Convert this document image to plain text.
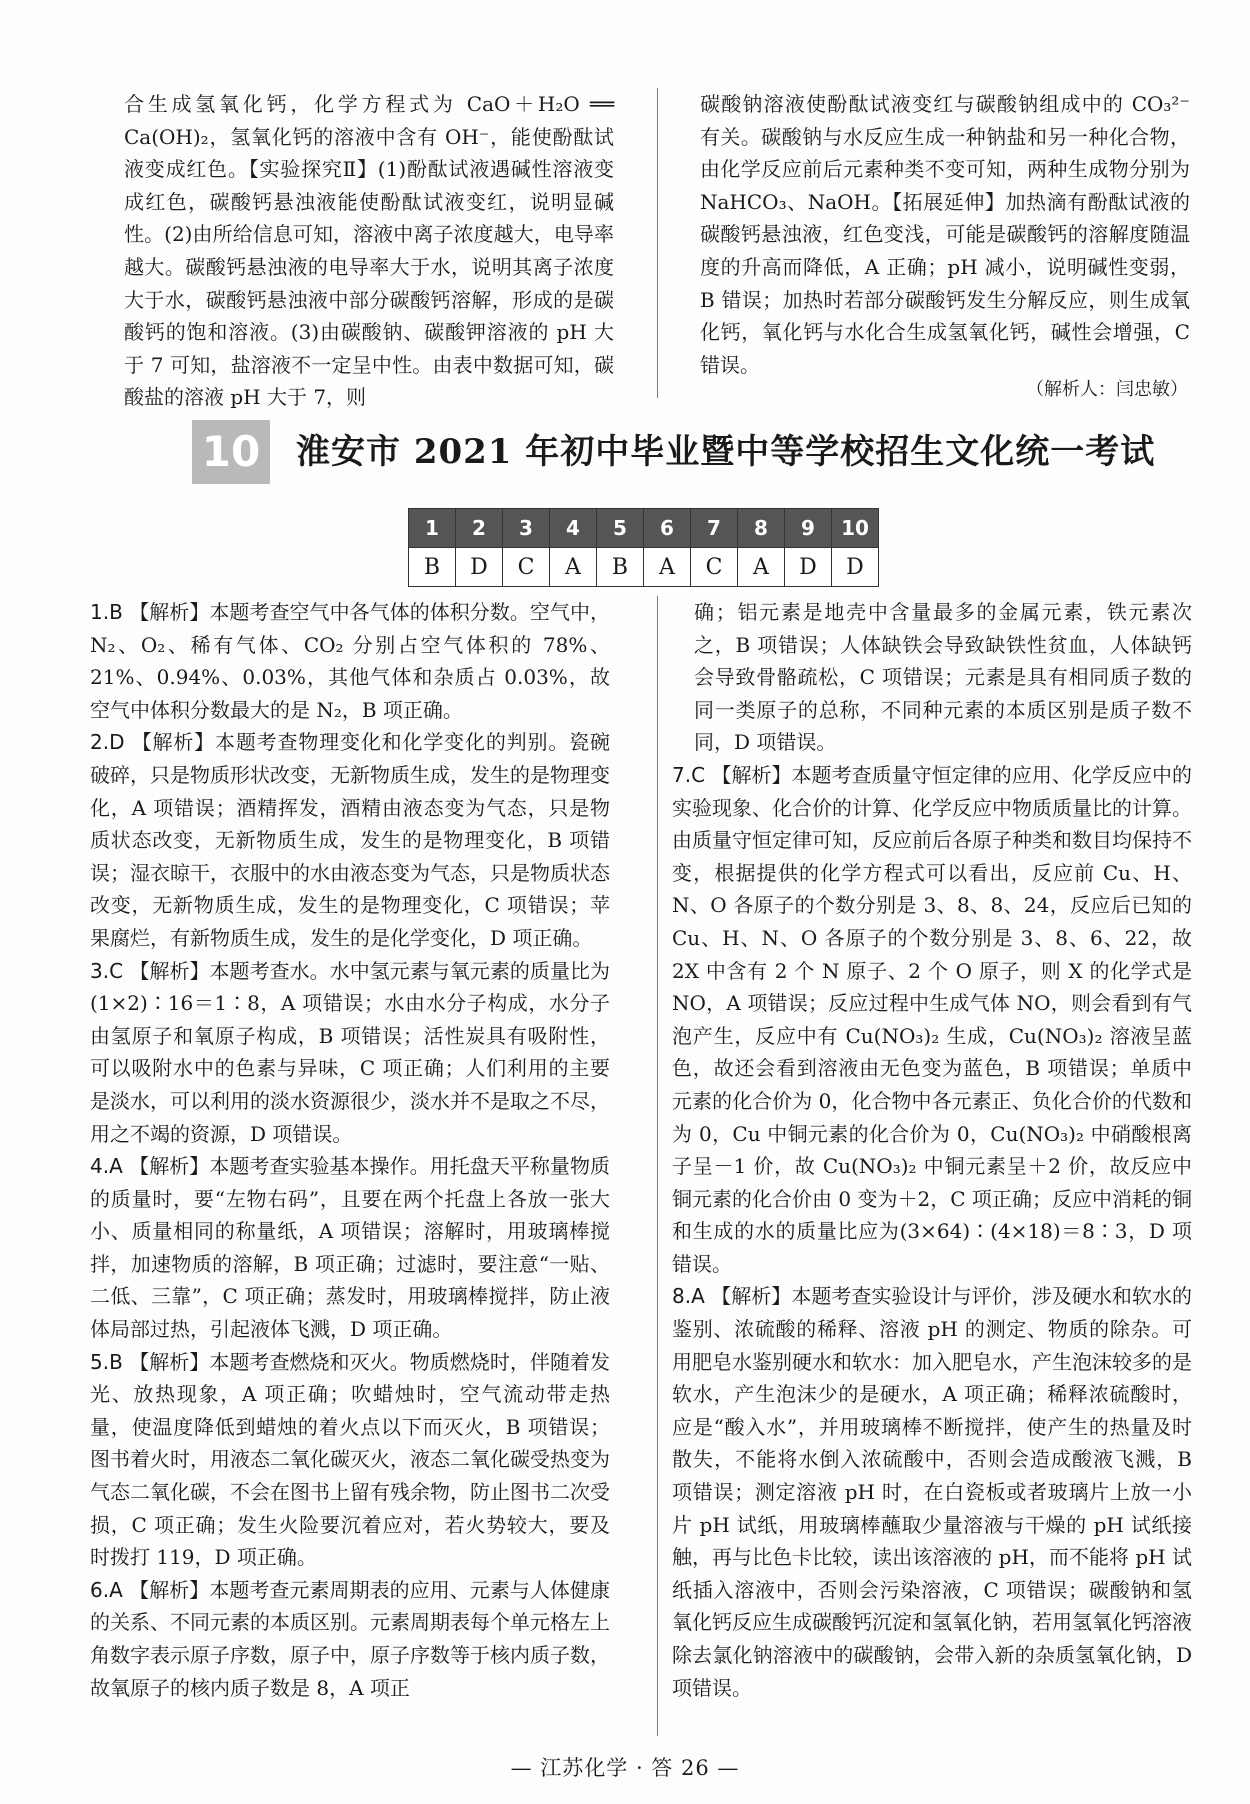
合生成氢氧化钙，化学方程式为 CaO＋H₂O ══ Ca(OH)₂，氢氧化钙的溶液中含有 OH⁻，能使酚酞试液变成红色。【实验探究Ⅱ】(1)酚酞试液遇碱性溶液变成红色，碳酸钙悬浊液能使酚酞试液变红，说明显碱性。(2)由所给信息可知，溶液中离子浓度越大，电导率越大。碳酸钙悬浊液的电导率大于水，说明其离子浓度大于水，碳酸钙悬浊液中部分碳酸钙溶解，形成的是碳酸钙的饱和溶液。(3)由碳酸钠、碳酸钾溶液的 pH 大于 7 可知，盐溶液不一定呈中性。由表中数据可知，碳酸盐的溶液 pH 大于 7，则

碳酸钠溶液使酚酞试液变红与碳酸钠组成中的 CO₃²⁻ 有关。碳酸钠与水反应生成一种钠盐和另一种化合物，由化学反应前后元素种类不变可知，两种生成物分别为 NaHCO₃、NaOH。【拓展延伸】加热滴有酚酞试液的碳酸钙悬浊液，红色变浅，可能是碳酸钙的溶解度随温度的升高而降低，A 正确；pH 减小，说明碱性变弱，B 错误；加热时若部分碳酸钙发生分解反应，则生成氧化钙，氧化钙与水化合生成氢氧化钙，碱性会增强，C 错误。

（解析人：闫忠敏）
10 淮安市 2021 年初中毕业暨中等学校招生文化统一考试
1	2	3	4	5	6	7	8	9	10
B	D	C	A	B	A	C	A	D	D

1.B 【解析】本题考查空气中各气体的体积分数。空气中，N₂、O₂、稀有气体、CO₂ 分别占空气体积的 78%、21%、0.94%、0.03%，其他气体和杂质占 0.03%，故空气中体积分数最大的是 N₂，B 项正确。

2.D 【解析】本题考查物理变化和化学变化的判别。瓷碗破碎，只是物质形状改变，无新物质生成，发生的是物理变化，A 项错误；酒精挥发，酒精由液态变为气态，只是物质状态改变，无新物质生成，发生的是物理变化，B 项错误；湿衣晾干，衣服中的水由液态变为气态，只是物质状态改变，无新物质生成，发生的是物理变化，C 项错误；苹果腐烂，有新物质生成，发生的是化学变化，D 项正确。

3.C 【解析】本题考查水。水中氢元素与氧元素的质量比为(1×2)∶16＝1∶8，A 项错误；水由水分子构成，水分子由氢原子和氧原子构成，B 项错误；活性炭具有吸附性，可以吸附水中的色素与异味，C 项正确；人们利用的主要是淡水，可以利用的淡水资源很少，淡水并不是取之不尽，用之不竭的资源，D 项错误。

4.A 【解析】本题考查实验基本操作。用托盘天平称量物质的质量时，要“左物右码”，且要在两个托盘上各放一张大小、质量相同的称量纸，A 项错误；溶解时，用玻璃棒搅拌，加速物质的溶解，B 项正确；过滤时，要注意“一贴、二低、三靠”，C 项正确；蒸发时，用玻璃棒搅拌，防止液体局部过热，引起液体飞溅，D 项正确。

5.B 【解析】本题考查燃烧和灭火。物质燃烧时，伴随着发光、放热现象，A 项正确；吹蜡烛时，空气流动带走热量，使温度降低到蜡烛的着火点以下而灭火，B 项错误；图书着火时，用液态二氧化碳灭火，液态二氧化碳受热变为气态二氧化碳，不会在图书上留有残余物，防止图书二次受损，C 项正确；发生火险要沉着应对，若火势较大，要及时拨打 119，D 项正确。

6.A 【解析】本题考查元素周期表的应用、元素与人体健康的关系、不同元素的本质区别。元素周期表每个单元格左上角数字表示原子序数，原子中，原子序数等于核内质子数，故氧原子的核内质子数是 8，A 项正

确；铝元素是地壳中含量最多的金属元素，铁元素次之，B 项错误；人体缺铁会导致缺铁性贫血，人体缺钙会导致骨骼疏松，C 项错误；元素是具有相同质子数的同一类原子的总称，不同种元素的本质区别是质子数不同，D 项错误。

7.C 【解析】本题考查质量守恒定律的应用、化学反应中的实验现象、化合价的计算、化学反应中物质质量比的计算。由质量守恒定律可知，反应前后各原子种类和数目均保持不变，根据提供的化学方程式可以看出，反应前 Cu、H、N、O 各原子的个数分别是 3、8、8、24，反应后已知的 Cu、H、N、O 各原子的个数分别是 3、8、6、22，故 2X 中含有 2 个 N 原子、2 个 O 原子，则 X 的化学式是 NO，A 项错误；反应过程中生成气体 NO，则会看到有气泡产生，反应中有 Cu(NO₃)₂ 生成，Cu(NO₃)₂ 溶液呈蓝色，故还会看到溶液由无色变为蓝色，B 项错误；单质中元素的化合价为 0，化合物中各元素正、负化合价的代数和为 0，Cu 中铜元素的化合价为 0，Cu(NO₃)₂ 中硝酸根离子呈－1 价，故 Cu(NO₃)₂ 中铜元素呈＋2 价，故反应中铜元素的化合价由 0 变为＋2，C 项正确；反应中消耗的铜和生成的水的质量比应为(3×64)∶(4×18)＝8∶3，D 项错误。

8.A 【解析】本题考查实验设计与评价，涉及硬水和软水的鉴别、浓硫酸的稀释、溶液 pH 的测定、物质的除杂。可用肥皂水鉴别硬水和软水：加入肥皂水，产生泡沫较多的是软水，产生泡沫少的是硬水，A 项正确；稀释浓硫酸时，应是“酸入水”，并用玻璃棒不断搅拌，使产生的热量及时散失，不能将水倒入浓硫酸中，否则会造成酸液飞溅，B 项错误；测定溶液 pH 时，在白瓷板或者玻璃片上放一小片 pH 试纸，用玻璃棒蘸取少量溶液与干燥的 pH 试纸接触，再与比色卡比较，读出该溶液的 pH，而不能将 pH 试纸插入溶液中，否则会污染溶液，C 项错误；碳酸钠和氢氧化钙反应生成碳酸钙沉淀和氢氧化钠，若用氢氧化钙溶液除去氯化钠溶液中的碳酸钠，会带入新的杂质氢氧化钠，D 项错误。

— 江苏化学 · 答 26 —
